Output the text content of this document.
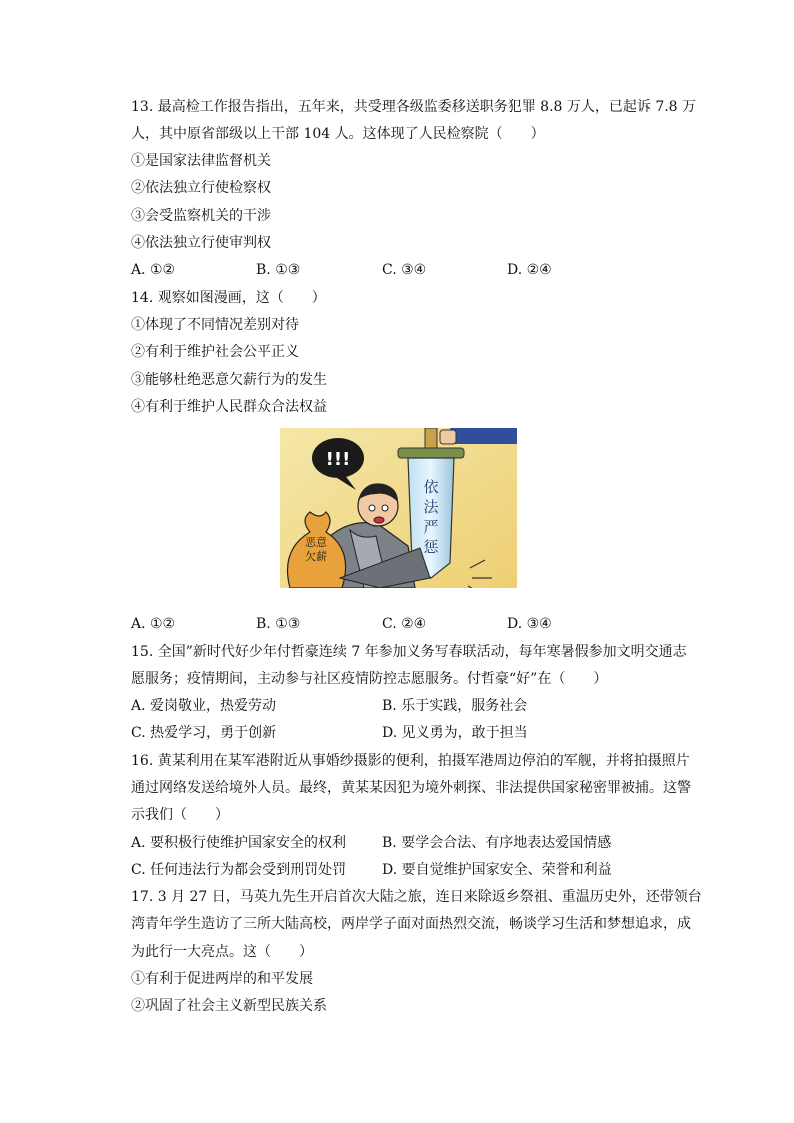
13. 最高检工作报告指出，五年来，共受理各级监委移送职务犯罪 8.8 万人，已起诉 7.8 万
人，其中原省部级以上干部 104 人。这体现了人民检察院（　　）
①是国家法律监督机关
②依法独立行使检察权
③会受监察机关的干涉
④依法独立行使审判权
A. ①②	B. ①③	C. ③④	D. ②④
14. 观察如图漫画，这（　　）
①体现了不同情况差别对待
②有利于维护社会公平正义
③能够杜绝恶意欠薪行为的发生
④有利于维护人民群众合法权益
依
法
严
惩
!!!
恶意
欠薪
A. ①②	B. ①③	C. ②④	D. ③④
15. 全国”新时代好少年付哲豪连续 7 年参加义务写春联活动，每年寒暑假参加文明交通志
愿服务；疫情期间，主动参与社区疫情防控志愿服务。付哲豪“好”在（　　）
A. 爱岗敬业，热爱劳动	B. 乐于实践，服务社会
C. 热爱学习，勇于创新	D. 见义勇为，敢于担当
16. 黄某利用在某军港附近从事婚纱摄影的便利，拍摄军港周边停泊的军舰，并将拍摄照片
通过网络发送给境外人员。最终，黄某某因犯为境外刺探、非法提供国家秘密罪被捕。这警
示我们（　　）
A. 要积极行使维护国家安全的权利	B. 要学会合法、有序地表达爱国情感
C. 任何违法行为都会受到刑罚处罚	D. 要自觉维护国家安全、荣誉和利益
17. 3 月 27 日，马英九先生开启首次大陆之旅，连日来除返乡祭祖、重温历史外，还带领台
湾青年学生造访了三所大陆高校，两岸学子面对面热烈交流，畅谈学习生活和梦想追求，成
为此行一大亮点。这（　　）
①有利于促进两岸的和平发展
②巩固了社会主义新型民族关系
